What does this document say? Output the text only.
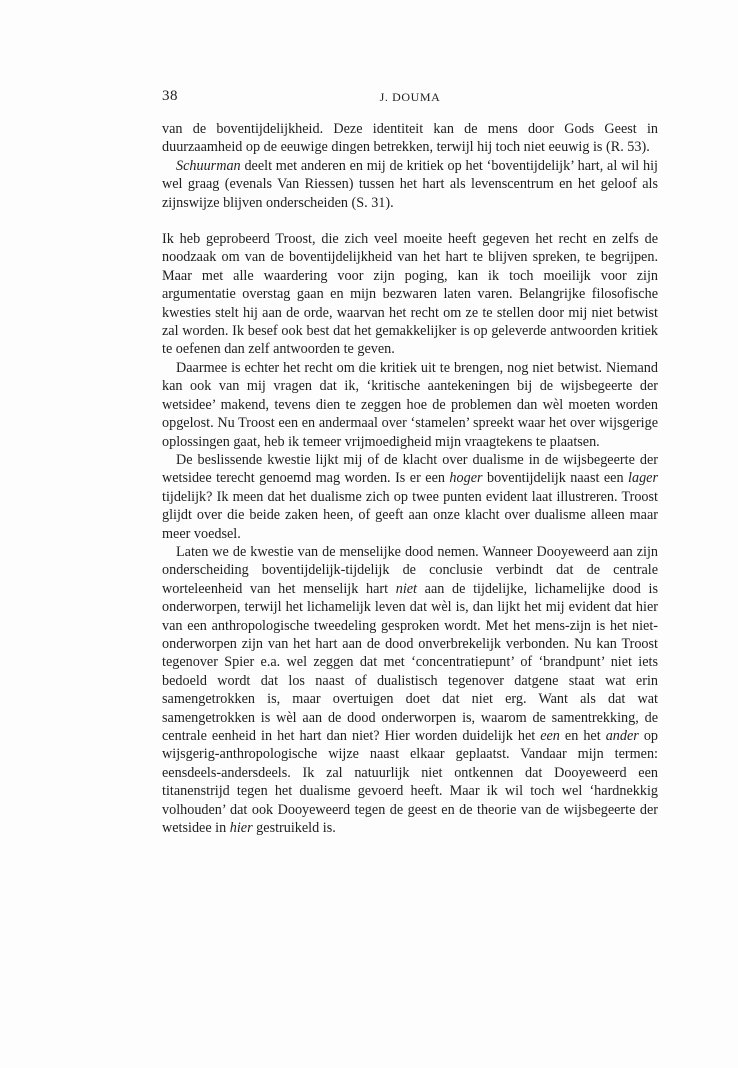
38	J. DOUMA

van de boventijdelijkheid. Deze identiteit kan de mens door Gods Geest in duurzaamheid op de eeuwige dingen betrekken, terwijl hij toch niet eeuwig is (R. 53).

Schuurman deelt met anderen en mij de kritiek op het ‘boventijdelijk’ hart, al wil hij wel graag (evenals Van Riessen) tussen het hart als levenscentrum en het geloof als zijnswijze blijven onderscheiden (S. 31).

Ik heb geprobeerd Troost, die zich veel moeite heeft gegeven het recht en zelfs de noodzaak om van de boventijdelijkheid van het hart te blijven spreken, te begrijpen. Maar met alle waardering voor zijn poging, kan ik toch moeilijk voor zijn argumentatie overstag gaan en mijn bezwaren laten varen. Belangrijke filosofische kwesties stelt hij aan de orde, waarvan het recht om ze te stellen door mij niet betwist zal worden. Ik besef ook best dat het gemakkelijker is op geleverde antwoorden kritiek te oefenen dan zelf antwoorden te geven.

Daarmee is echter het recht om die kritiek uit te brengen, nog niet betwist. Niemand kan ook van mij vragen dat ik, ‘kritische aantekeningen bij de wijsbegeerte der wetsidee’ makend, tevens dien te zeggen hoe de problemen dan wèl moeten worden opgelost. Nu Troost een en andermaal over ‘stamelen’ spreekt waar het over wijsgerige oplossingen gaat, heb ik temeer vrijmoedigheid mijn vraagtekens te plaatsen.

De beslissende kwestie lijkt mij of de klacht over dualisme in de wijsbegeerte der wetsidee terecht genoemd mag worden. Is er een hoger boventijdelijk naast een lager tijdelijk? Ik meen dat het dualisme zich op twee punten evident laat illustreren. Troost glijdt over die beide zaken heen, of geeft aan onze klacht over dualisme alleen maar meer voedsel.

Laten we de kwestie van de menselijke dood nemen. Wanneer Dooyeweerd aan zijn onderscheiding boventijdelijk-tijdelijk de conclusie verbindt dat de centrale worteleenheid van het menselijk hart niet aan de tijdelijke, lichamelijke dood is onderworpen, terwijl het lichamelijk leven dat wèl is, dan lijkt het mij evident dat hier van een anthropologische tweedeling gesproken wordt. Met het mens-zijn is het niet-onderworpen zijn van het hart aan de dood onverbrekelijk verbonden. Nu kan Troost tegenover Spier e.a. wel zeggen dat met ‘concentratiepunt’ of ‘brandpunt’ niet iets bedoeld wordt dat los naast of dualistisch tegenover datgene staat wat erin samengetrokken is, maar overtuigen doet dat niet erg. Want als dat wat samengetrokken is wèl aan de dood onderworpen is, waarom de samentrekking, de centrale eenheid in het hart dan niet? Hier worden duidelijk het een en het ander op wijsgerig-anthropologische wijze naast elkaar geplaatst. Vandaar mijn termen: eensdeels-andersdeels. Ik zal natuurlijk niet ontkennen dat Dooyeweerd een titanenstrijd tegen het dualisme gevoerd heeft. Maar ik wil toch wel ‘hardnekkig volhouden’ dat ook Dooyeweerd tegen de geest en de theorie van de wijsbegeerte der wetsidee in hier gestruikeld is.
